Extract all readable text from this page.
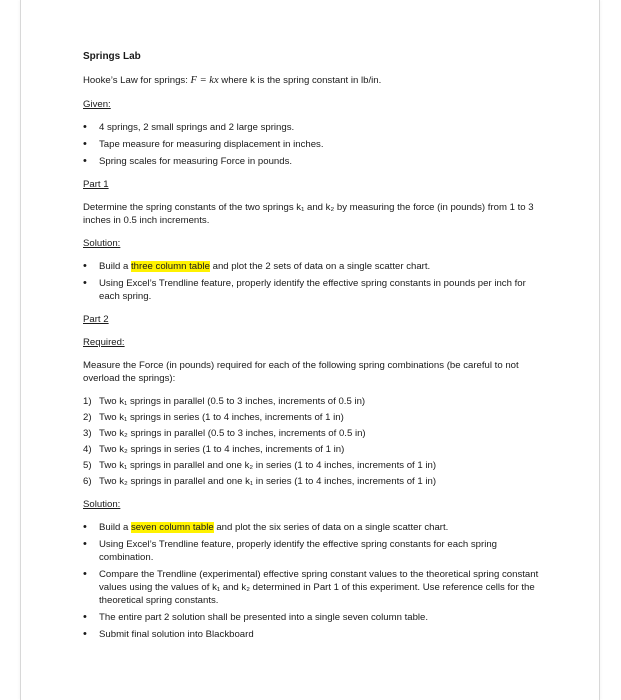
Springs Lab

Hooke’s Law for springs: F = kx where k is the spring constant in lb/in.

Given:

• 4 springs, 2 small springs and 2 large springs.
• Tape measure for measuring displacement in inches.
• Spring scales for measuring Force in pounds.

Part 1

Determine the spring constants of the two springs k₁ and k₂ by measuring the force (in pounds) from 1 to 3 inches in 0.5 inch increments.

Solution:

• Build a three column table and plot the 2 sets of data on a single scatter chart.
• Using Excel’s Trendline feature, properly identify the effective spring constants in pounds per inch for each spring.

Part 2

Required:

Measure the Force (in pounds) required for each of the following spring combinations (be careful to not overload the springs):

1) Two k₁ springs in parallel (0.5 to 3 inches, increments of 0.5 in)
2) Two k₁ springs in series (1 to 4 inches, increments of 1 in)
3) Two k₂ springs in parallel (0.5 to 3 inches, increments of 0.5 in)
4) Two k₂ springs in series (1 to 4 inches, increments of 1 in)
5) Two k₁ springs in parallel and one k₂ in series (1 to 4 inches, increments of 1 in)
6) Two k₂ springs in parallel and one k₁ in series (1 to 4 inches, increments of 1 in)

Solution:

• Build a seven column table and plot the six series of data on a single scatter chart.
• Using Excel’s Trendline feature, properly identify the effective spring constants for each spring combination.
• Compare the Trendline (experimental) effective spring constant values to the theoretical spring constant values using the values of k₁ and k₂ determined in Part 1 of this experiment. Use reference cells for the theoretical spring constants.
• The entire part 2 solution shall be presented into a single seven column table.
• Submit final solution into Blackboard
